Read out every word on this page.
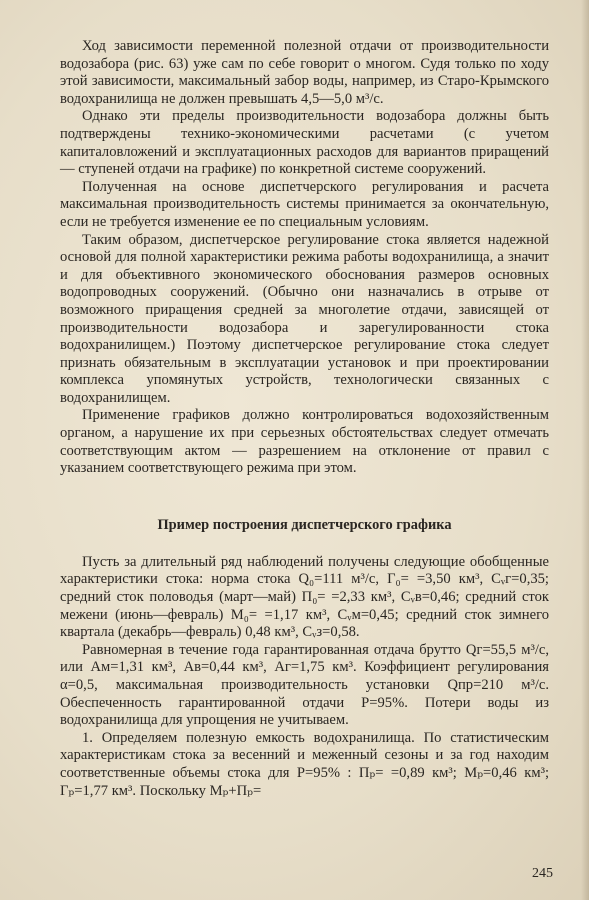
Ход зависимости переменной полезной отдачи от производительности водозабора (рис. 63) уже сам по себе говорит о многом. Судя только по ходу этой зависимости, максимальный забор воды, например, из Старо-Крымского водохранилища не должен превышать 4,5—5,0 м³/с.

Однако эти пределы производительности водозабора должны быть подтверждены технико-экономическими расчетами (с учетом капиталовложений и эксплуатационных расходов для вариантов приращений — ступеней отдачи на графике) по конкретной системе сооружений.

Полученная на основе диспетчерского регулирования и расчета максимальная производительность системы принимается за окончательную, если не требуется изменение ее по специальным условиям.

Таким образом, диспетчерское регулирование стока является надежной основой для полной характеристики режима работы водохранилища, а значит и для объективного экономического обоснования размеров основных водопроводных сооружений. (Обычно они назначались в отрыве от возможного приращения средней за многолетие отдачи, зависящей от производительности водозабора и зарегулированности стока водохранилищем.) Поэтому диспетчерское регулирование стока следует признать обязательным в эксплуатации установок и при проектировании комплекса упомянутых устройств, технологически связанных с водохранилищем.

Применение графиков должно контролироваться водохозяйственным органом, а нарушение их при серьезных обстоятельствах следует отмечать соответствующим актом — разрешением на отклонение от правил с указанием соответствующего режима при этом.

Пример построения диспетчерского графика

Пусть за длительный ряд наблюдений получены следующие обобщенные характеристики стока: норма стока Q₀=111 м³/с, Г₀= =3,50 км³, Cᵥг=0,35; средний сток половодья (март—май) П₀= =2,33 км³, Cᵥв=0,46; средний сток межени (июнь—февраль) M₀= =1,17 км³, Cᵥм=0,45; средний сток зимнего квартала (декабрь—февраль) 0,48 км³, Cᵥз=0,58.

Равномерная в течение года гарантированная отдача брутто Qг=55,5 м³/с, или Aм=1,31 км³, Aв=0,44 км³, Aг=1,75 км³. Коэффициент регулирования α=0,5, максимальная производительность установки Qпр=210 м³/с. Обеспеченность гарантированной отдачи P=95%. Потери воды из водохранилища для упрощения не учитываем.

1. Определяем полезную емкость водохранилища. По статистическим характеристикам стока за весенний и меженный сезоны и за год находим соответственные объемы стока для P=95% : Пₚ= =0,89 км³; Mₚ=0,46 км³; Гₚ=1,77 км³. Поскольку Mₚ+Пₚ=

245
